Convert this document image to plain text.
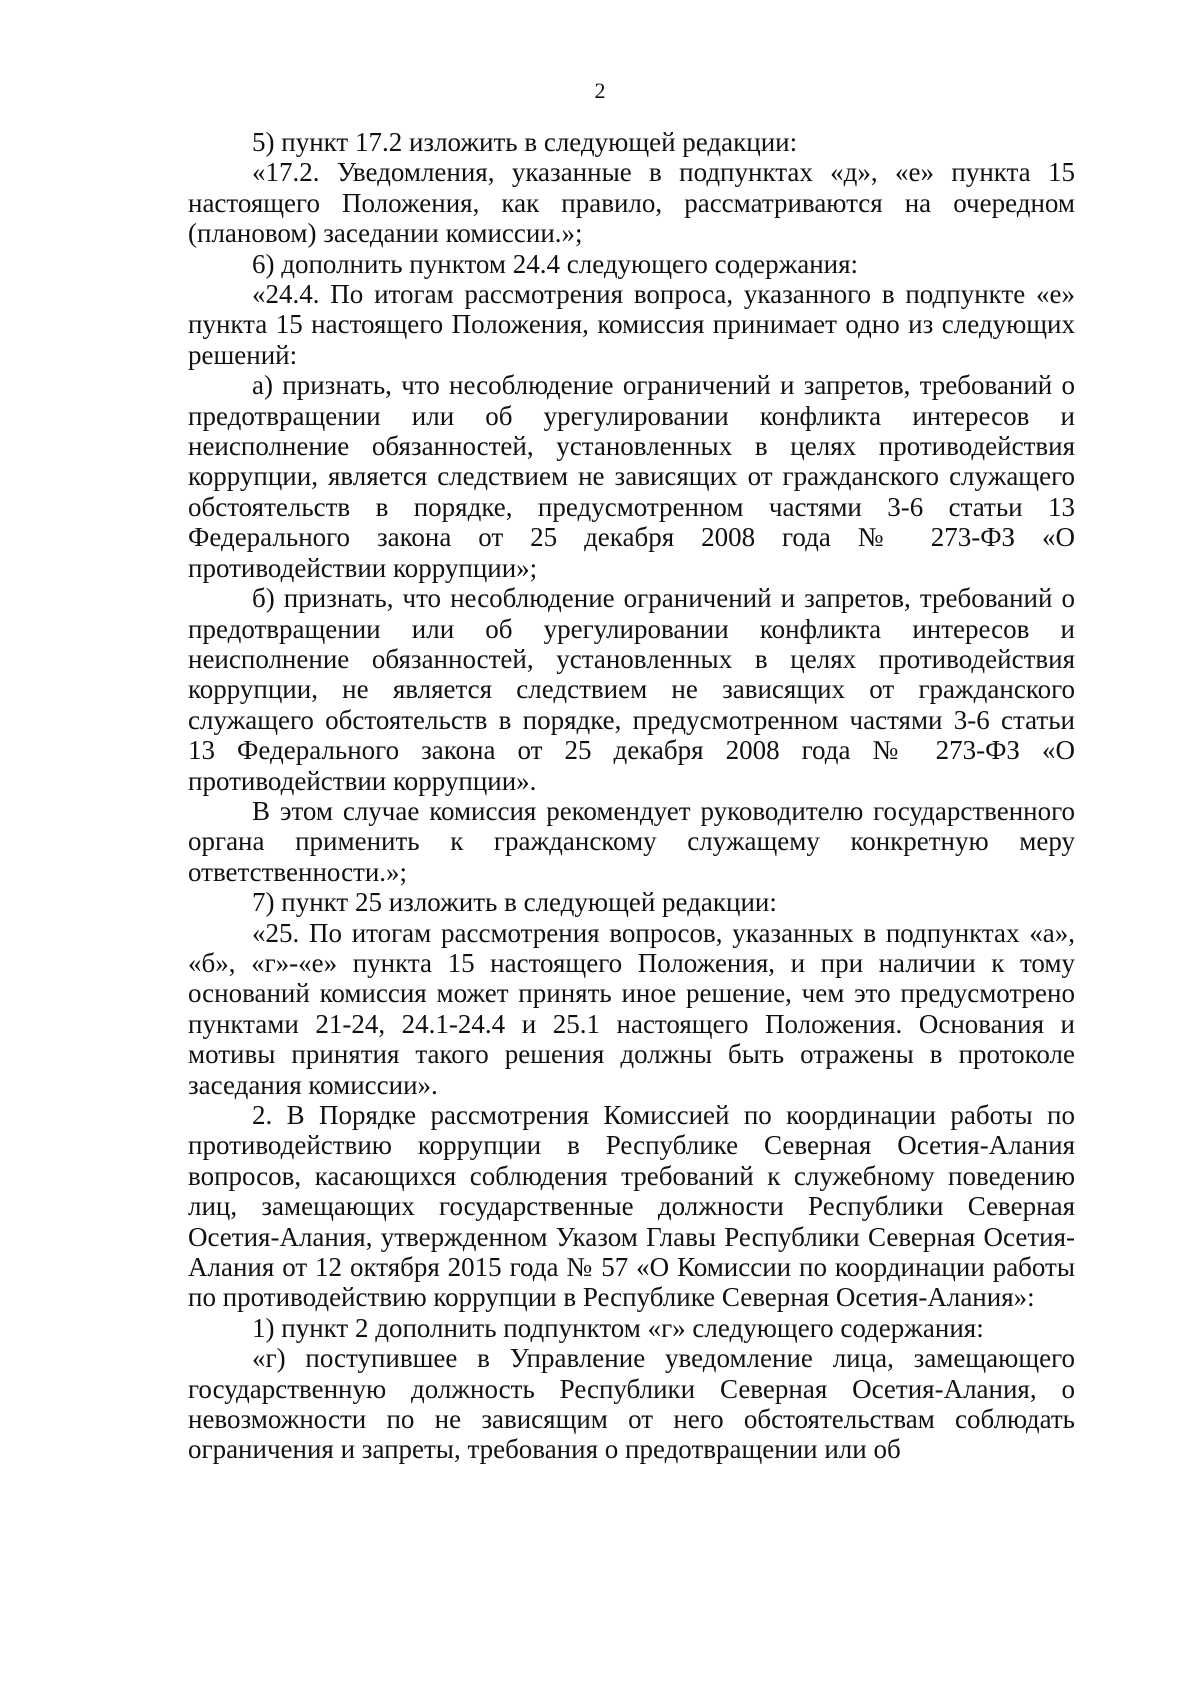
2

5) пункт 17.2 изложить в следующей редакции:

«17.2. Уведомления, указанные в подпунктах «д», «е» пункта 15 настоящего Положения, как правило, рассматриваются на очередном (плановом) заседании комиссии.»;

6) дополнить пунктом 24.4 следующего содержания:

«24.4. По итогам рассмотрения вопроса, указанного в подпункте «е» пункта 15 настоящего Положения, комиссия принимает одно из следующих решений:

а) признать, что несоблюдение ограничений и запретов, требований о предотвращении или об урегулировании конфликта интересов и неисполнение обязанностей, установленных в целях противодействия коррупции, является следствием не зависящих от гражданского служащего обстоятельств в порядке, предусмотренном частями 3-6 статьи 13 Федерального закона от 25 декабря 2008 года № 273-ФЗ «О противодействии коррупции»;

б) признать, что несоблюдение ограничений и запретов, требований о предотвращении или об урегулировании конфликта интересов и неисполнение обязанностей, установленных в целях противодействия коррупции, не является следствием не зависящих от гражданского служащего обстоятельств в порядке, предусмотренном частями 3-6 статьи 13 Федерального закона от 25 декабря 2008 года № 273-ФЗ «О противодействии коррупции».

В этом случае комиссия рекомендует руководителю государственного органа применить к гражданскому служащему конкретную меру ответственности.»;

7) пункт 25 изложить в следующей редакции:

«25. По итогам рассмотрения вопросов, указанных в подпунктах «а», «б», «г»-«е» пункта 15 настоящего Положения, и при наличии к тому оснований комиссия может принять иное решение, чем это предусмотрено пунктами 21-24, 24.1-24.4 и 25.1 настоящего Положения. Основания и мотивы принятия такого решения должны быть отражены в протоколе заседания комиссии».

2. В Порядке рассмотрения Комиссией по координации работы по противодействию коррупции в Республике Северная Осетия-Алания вопросов, касающихся соблюдения требований к служебному поведению лиц, замещающих государственные должности Республики Северная Осетия-Алания, утвержденном Указом Главы Республики Северная Осетия-Алания от 12 октября 2015 года № 57 «О Комиссии по координации работы по противодействию коррупции в Республике Северная Осетия-Алания»:

1) пункт 2 дополнить подпунктом «г» следующего содержания:

«г) поступившее в Управление уведомление лица, замещающего государственную должность Республики Северная Осетия-Алания, о невозможности по не зависящим от него обстоятельствам соблюдать ограничения и запреты, требования о предотвращении или об
